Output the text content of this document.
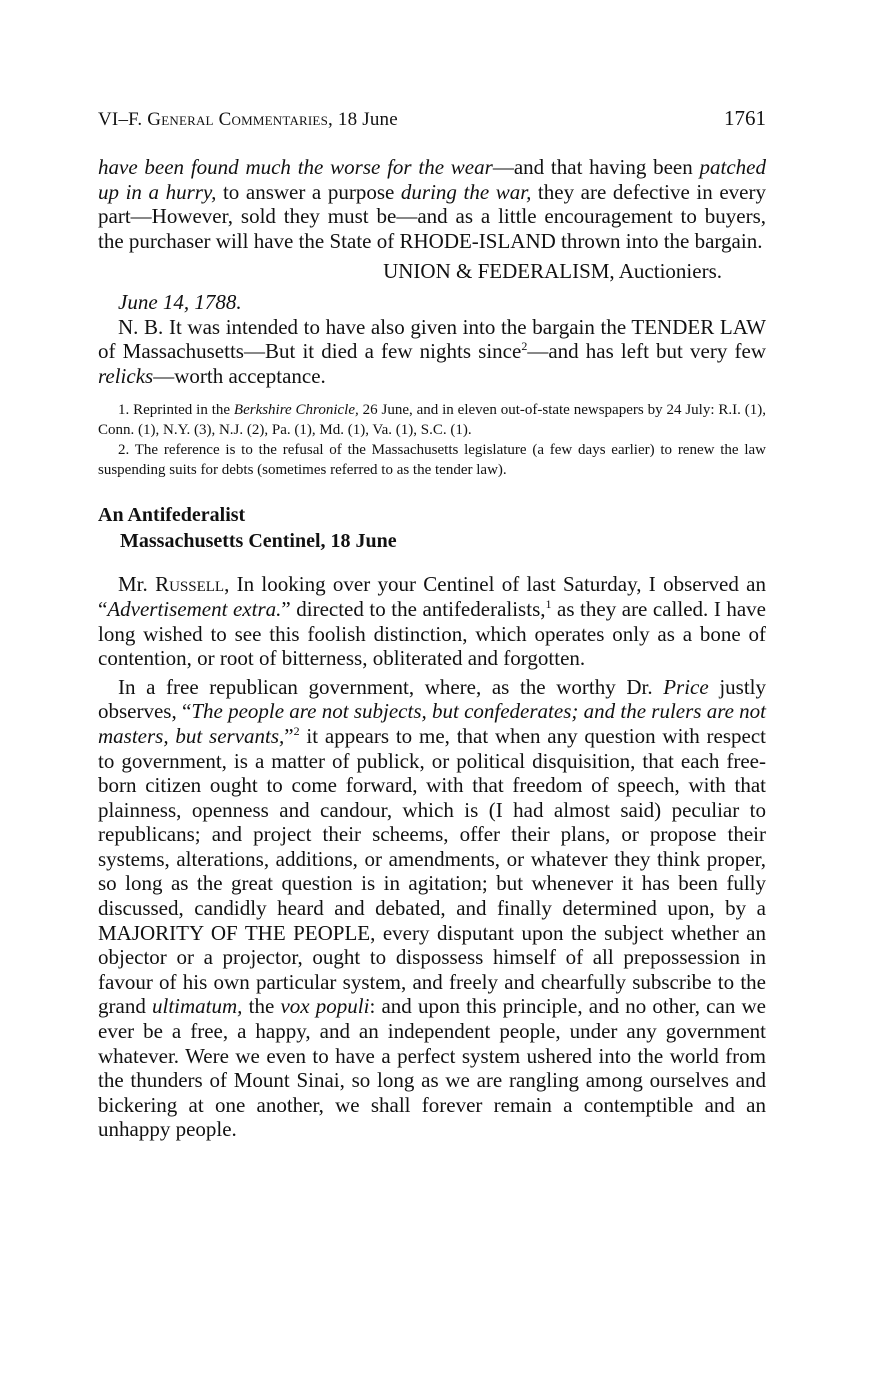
VI–F. General Commentaries, 18 June	1761

have been found much the worse for the wear—and that having been patched up in a hurry, to answer a purpose during the war, they are defective in every part—However, sold they must be—and as a little encouragement to buyers, the purchaser will have the State of RHODE-ISLAND thrown into the bargain.

UNION & FEDERALISM, Auctioniers.

June 14, 1788.

N. B. It was intended to have also given into the bargain the TENDER LAW of Massachusetts—But it died a few nights since$^2$—and has left but very few relicks—worth acceptance.

1. Reprinted in the Berkshire Chronicle, 26 June, and in eleven out-of-state newspapers by 24 July: R.I. (1), Conn. (1), N.Y. (3), N.J. (2), Pa. (1), Md. (1), Va. (1), S.C. (1).

2. The reference is to the refusal of the Massachusetts legislature (a few days earlier) to renew the law suspending suits for debts (sometimes referred to as the tender law).

An Antifederalist
Massachusetts Centinel, 18 June

Mr. Russell, In looking over your Centinel of last Saturday, I observed an “Advertisement extra.” directed to the antifederalists,$^1$ as they are called. I have long wished to see this foolish distinction, which operates only as a bone of contention, or root of bitterness, obliterated and forgotten.

In a free republican government, where, as the worthy Dr. Price justly observes, “The people are not subjects, but confederates; and the rulers are not masters, but servants,”$^2$ it appears to me, that when any question with respect to government, is a matter of publick, or political disquisition, that each free-born citizen ought to come forward, with that freedom of speech, with that plainness, openness and candour, which is (I had almost said) peculiar to republicans; and project their scheems, offer their plans, or propose their systems, alterations, additions, or amendments, or whatever they think proper, so long as the great question is in agitation; but whenever it has been fully discussed, candidly heard and debated, and finally determined upon, by a MAJORITY OF THE PEOPLE, every disputant upon the subject whether an objector or a projector, ought to dispossess himself of all prepossession in favour of his own particular system, and freely and chearfully subscribe to the grand ultimatum, the vox populi: and upon this principle, and no other, can we ever be a free, a happy, and an independent people, under any government whatever. Were we even to have a perfect system ushered into the world from the thunders of Mount Sinai, so long as we are rangling among ourselves and bickering at one another, we shall forever remain a contemptible and an unhappy people.
